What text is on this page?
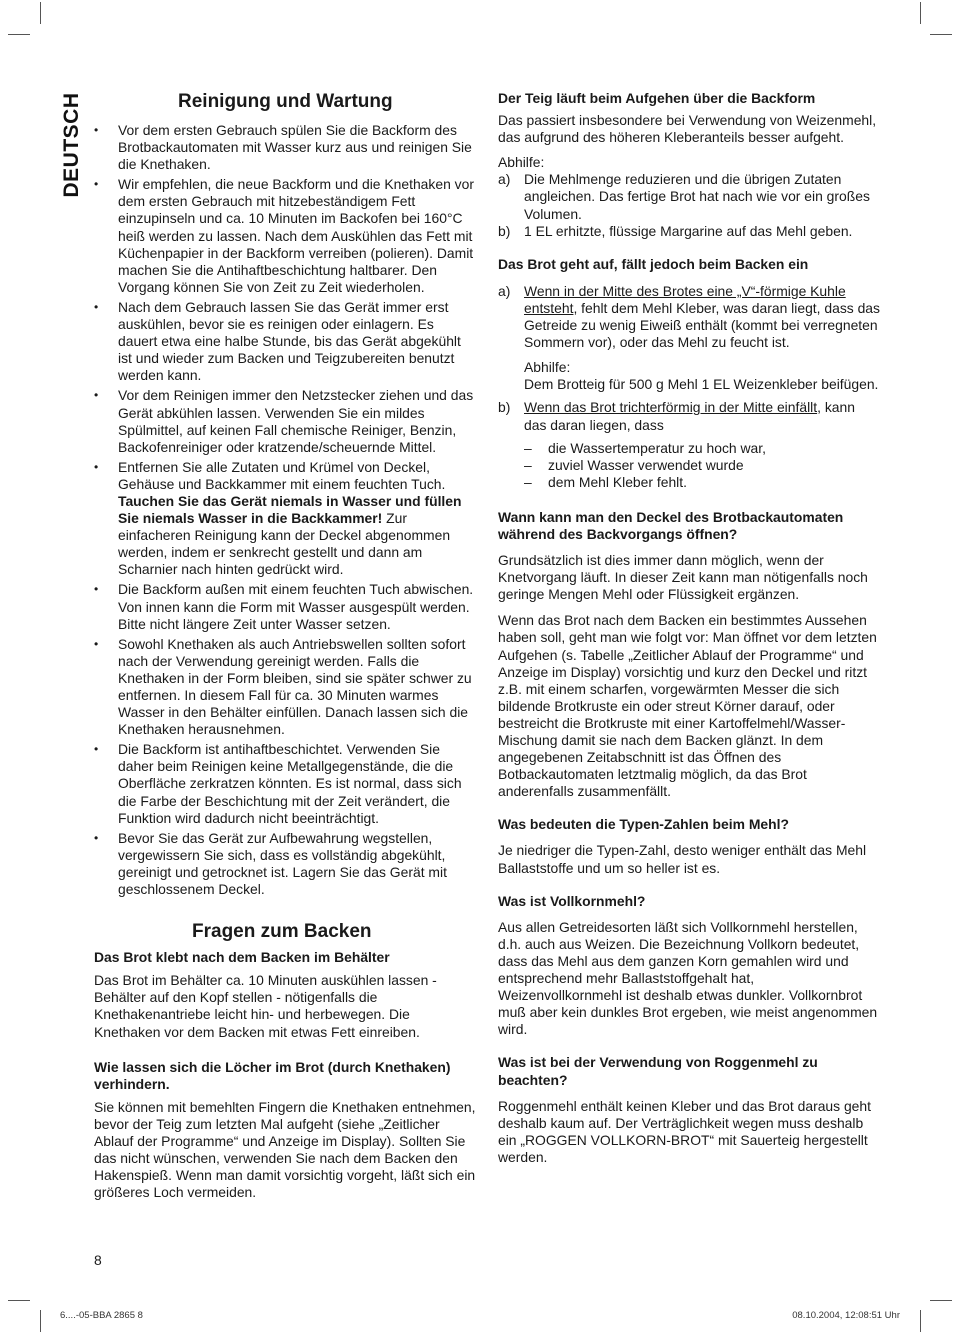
DEUTSCH	Reinigung und Wartung
• Vor dem ersten Gebrauch spülen Sie die Backform des Brotbackautomaten mit Wasser kurz aus und reinigen Sie die Knethaken.
• Wir empfehlen, die neue Backform und die Knethaken vor dem ersten Gebrauch mit hitzebeständigem Fett einzupinseln und ca. 10 Minuten im Backofen bei 160°C heiß werden zu lassen. Nach dem Auskühlen das Fett mit Küchenpapier in der Backform verreiben (polieren). Damit machen Sie die Antihaftbeschichtung haltbarer. Den Vorgang können Sie von Zeit zu Zeit wiederholen.
• Nach dem Gebrauch lassen Sie das Gerät immer erst auskühlen, bevor sie es reinigen oder einlagern. Es dauert etwa eine halbe Stunde, bis das Gerät abgekühlt ist und wieder zum Backen und Teigzubereiten benutzt werden kann.
• Vor dem Reinigen immer den Netzstecker ziehen und das Gerät abkühlen lassen. Verwenden Sie ein mildes Spülmittel, auf keinen Fall chemische Reiniger, Benzin, Backofenreiniger oder kratzende/scheuernde Mittel.
• Entfernen Sie alle Zutaten und Krümel von Deckel, Gehäuse und Backkammer mit einem feuchten Tuch. Tauchen Sie das Gerät niemals in Wasser und füllen Sie niemals Wasser in die Backkammer! Zur einfacheren Reinigung kann der Deckel abgenommen werden, indem er senkrecht gestellt und dann am Scharnier nach hinten gedrückt wird.
• Die Backform außen mit einem feuchten Tuch abwischen. Von innen kann die Form mit Wasser ausgespült werden. Bitte nicht längere Zeit unter Wasser setzen.
• Sowohl Knethaken als auch Antriebswellen sollten sofort nach der Verwendung gereinigt werden. Falls die Knethaken in der Form bleiben, sind sie später schwer zu entfernen. In diesem Fall für ca. 30 Minuten warmes Wasser in den Behälter einfüllen. Danach lassen sich die Knethaken herausnehmen.
• Die Backform ist antihaftbeschichtet. Verwenden Sie daher beim Reinigen keine Metallgegenstände, die die Oberfläche zerkratzen könnten. Es ist normal, dass sich die Farbe der Beschichtung mit der Zeit verändert, die Funktion wird dadurch nicht beeinträchtigt.
• Bevor Sie das Gerät zur Aufbewahrung wegstellen, vergewissern Sie sich, dass es vollständig abgekühlt, gereinigt und getrocknet ist. Lagern Sie das Gerät mit geschlossenem Deckel.
Fragen zum Backen
Das Brot klebt nach dem Backen im Behälter

Das Brot im Behälter ca. 10 Minuten auskühlen lassen - Behälter auf den Kopf stellen - nötigenfalls die Knethakenantriebe leicht hin- und herbewegen. Die Knethaken vor dem Backen mit etwas Fett einreiben.

Wie lassen sich die Löcher im Brot (durch Knethaken) verhindern.

Sie können mit bemehlten Fingern die Knethaken entnehmen, bevor der Teig zum letzten Mal aufgeht (siehe „Zeitlicher Ablauf der Programme“ und Anzeige im Display). Sollten Sie das nicht wünschen, verwenden Sie nach dem Backen den Hakenspieß. Wenn man damit vorsichtig vorgeht, läßt sich ein größeres Loch vermeiden.

Der Teig läuft beim Aufgehen über die Backform

Das passiert insbesondere bei Verwendung von Weizenmehl, das aufgrund des höheren Kleberanteils besser aufgeht.

Abhilfe:

a) Die Mehlmenge reduzieren und die übrigen Zutaten angleichen. Das fertige Brot hat nach wie vor ein großes Volumen.
b) 1 EL erhitzte, flüssige Margarine auf das Mehl geben.
Das Brot geht auf, fällt jedoch beim Backen ein
a) Wenn in der Mitte des Brotes eine „V“-förmige Kuhle entsteht, fehlt dem Mehl Kleber, was daran liegt, dass das Getreide zu wenig Eiweiß enthält (kommt bei verregneten Sommern vor), oder das Mehl zu feucht ist.

Abhilfe:

Dem Brotteig für 500 g Mehl 1 EL Weizenkleber beifügen.

b) Wenn das Brot trichterförmig in der Mitte einfällt, kann das daran liegen, dass
–	die Wassertemperatur zu hoch war,
–	zuviel Wasser verwendet wurde
–	dem Mehl Kleber fehlt.
Wann kann man den Deckel des Brotbackautomaten während des Backvorgangs öffnen?

Grundsätzlich ist dies immer dann möglich, wenn der Knetvorgang läuft. In dieser Zeit kann man nötigenfalls noch geringe Mengen Mehl oder Flüssigkeit ergänzen.

Wenn das Brot nach dem Backen ein bestimmtes Aussehen haben soll, geht man wie folgt vor: Man öffnet vor dem letzten Aufgehen (s. Tabelle „Zeitlicher Ablauf der Programme“ und Anzeige im Display) vorsichtig und kurz den Deckel und ritzt z.B. mit einem scharfen, vorgewärmten Messer die sich bildende Brotkruste ein oder streut Körner darauf, oder bestreicht die Brotkruste mit einer Kartoffelmehl/Wasser-Mischung damit sie nach dem Backen glänzt. In dem angegebenen Zeitabschnitt ist das Öffnen des Botbackautomaten letztmalig möglich, da das Brot anderenfalls zusammenfällt.

Was bedeuten die Typen-Zahlen beim Mehl?

Je niedriger die Typen-Zahl, desto weniger enthält das Mehl Ballaststoffe und um so heller ist es.

Was ist Vollkornmehl?

Aus allen Getreidesorten läßt sich Vollkornmehl herstellen, d.h. auch aus Weizen. Die Bezeichnung Vollkorn bedeutet, dass das Mehl aus dem ganzen Korn gemahlen wird und entsprechend mehr Ballaststoffgehalt hat, Weizenvollkornmehl ist deshalb etwas dunkler. Vollkornbrot muß aber kein dunkles Brot ergeben, wie meist angenommen wird.

Was ist bei der Verwendung von Roggenmehl zu beachten?

Roggenmehl enthält keinen Kleber und das Brot daraus geht deshalb kaum auf. Der Verträglichkeit wegen muss deshalb ein „ROGGEN VOLLKORN-BROT“ mit Sauerteig hergestellt werden.

8
6....-05-BBA 2865 8	08.10.2004, 12:08:51 Uhr
